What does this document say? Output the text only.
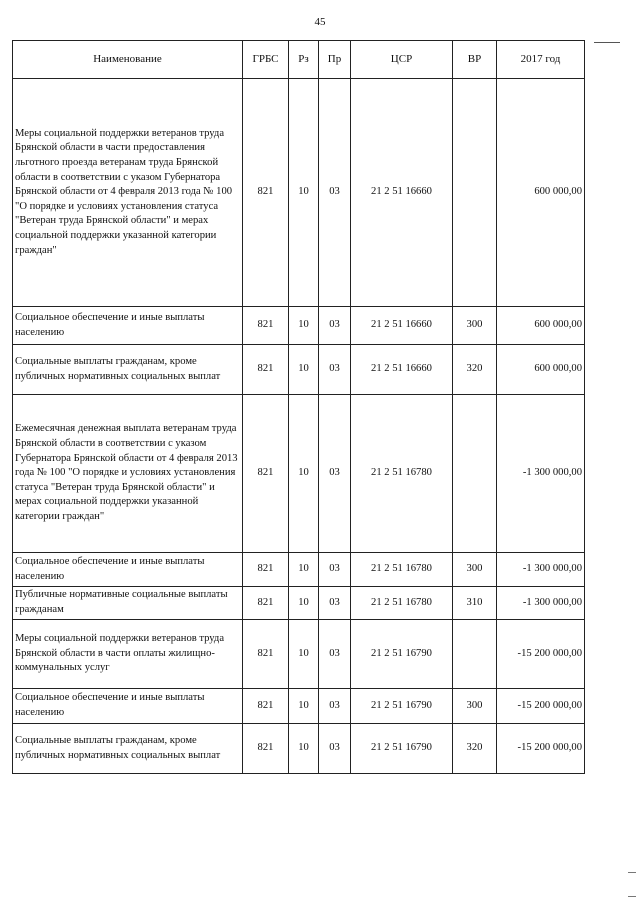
45
Наименование	ГРБС	Рз	Пр	ЦСР	ВР	2017 год
Меры социальной поддержки ветеранов труда Брянской области в части предоставления льготного проезда ветеранам труда Брянской области в соответствии с указом Губернатора Брянской области от 4 февраля 2013 года № 100 "О порядке и условиях установления статуса "Ветеран труда Брянской области" и мерах социальной поддержки указанной категории граждан"	821	10	03	21 2 51 16660		600 000,00
Социальное обеспечение и иные выплаты населению	821	10	03	21 2 51 16660	300	600 000,00
Социальные выплаты гражданам, кроме публичных нормативных социальных выплат	821	10	03	21 2 51 16660	320	600 000,00
Ежемесячная денежная выплата ветеранам труда Брянской области в соответствии с указом Губернатора Брянской области от 4 февраля 2013 года № 100 "О порядке и условиях установления статуса "Ветеран труда Брянской области" и мерах социальной поддержки указанной категории граждан"	821	10	03	21 2 51 16780		-1 300 000,00
Социальное обеспечение и иные выплаты населению	821	10	03	21 2 51 16780	300	-1 300 000,00
Публичные нормативные социальные выплаты гражданам	821	10	03	21 2 51 16780	310	-1 300 000,00
Меры социальной поддержки ветеранов труда Брянской области в части оплаты жилищно-коммунальных услуг	821	10	03	21 2 51 16790		-15 200 000,00
Социальное обеспечение и иные выплаты населению	821	10	03	21 2 51 16790	300	-15 200 000,00
Социальные выплаты гражданам, кроме публичных нормативных социальных выплат	821	10	03	21 2 51 16790	320	-15 200 000,00
